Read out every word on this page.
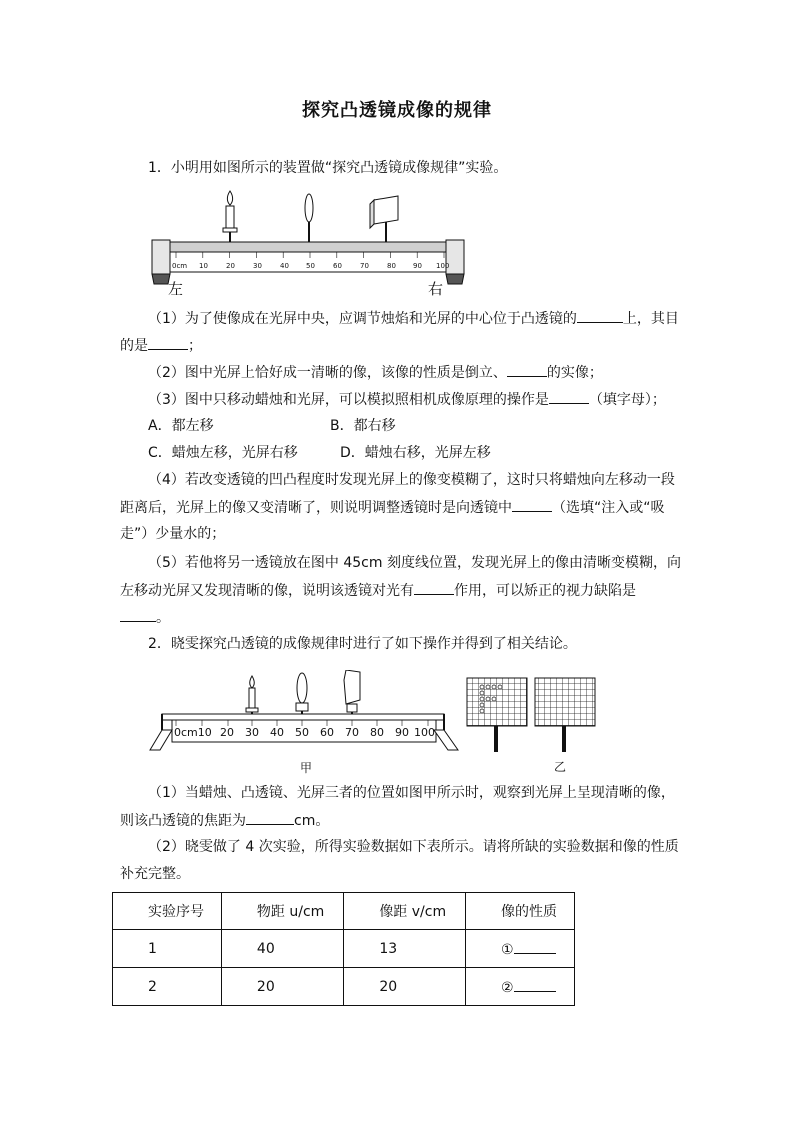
探究凸透镜成像的规律
1．小明用如图所示的装置做“探究凸透镜成像规律”实验。
0cm 10	20	30	40 50	60	70	80 90 100
左	右
（1）为了使像成在光屏中央，应调节烛焰和光屏的中心位于凸透镜的	上，其目
的是	；
（2）图中光屏上恰好成一清晰的像，该像的性质是倒立、	的实像；
（3）图中只移动蜡烛和光屏，可以模拟照相机成像原理的操作是	（填字母）；
A．都左移	B．都右移
C．蜡烛左移，光屏右移	D．蜡烛右移，光屏左移
（4）若改变透镜的凹凸程度时发现光屏上的像变模糊了，这时只将蜡烛向左移动一段
距离后，光屏上的像又变清晰了，则说明调整透镜时是向透镜中	（选填“注入或“吸
走”）少量水的；
（5）若他将另一透镜放在图中 45cm 刻度线位置，发现光屏上的像由清晰变模糊，向
左移动光屏又发现清晰的像，说明该透镜对光有	作用，可以矫正的视力缺陷是
。
2．晓雯探究凸透镜的成像规律时进行了如下操作并得到了相关结论。
0cm10 20 30 40 50 60 70 80 90 100
甲	乙
（1）当蜡烛、凸透镜、光屏三者的位置如图甲所示时，观察到光屏上呈现清晰的像，
则该凸透镜的焦距为	cm。
（2）晓雯做了 4 次实验，所得实验数据如下表所示。请将所缺的实验数据和像的性质
补充完整。
实验序号	物距 u/cm	像距 v/cm	像的性质
1	40	13	①
2	20	20	②
